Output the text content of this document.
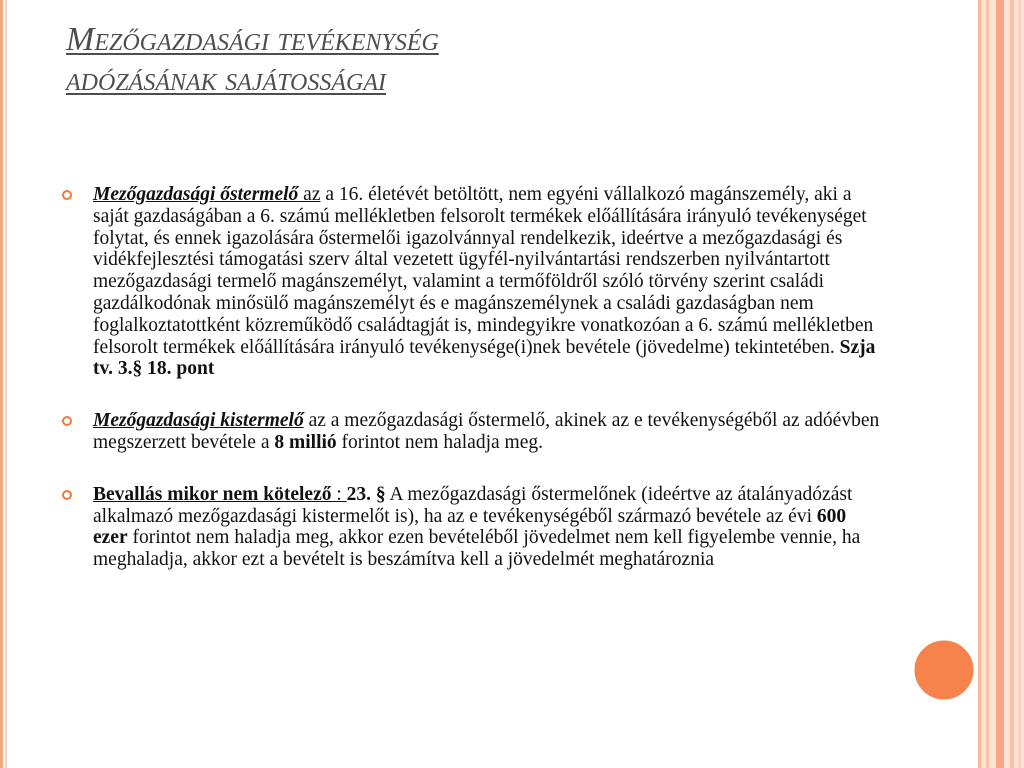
Mezőgazdasági tevékenység
adózásának sajátosságai
Mezőgazdasági őstermelő az a 16. életévét betöltött, nem egyéni vállalkozó magánszemély, aki a saját gazdaságában a 6. számú mellékletben felsorolt termékek előállítására irányuló tevékenységet folytat, és ennek igazolására őstermelői igazolvánnyal rendelkezik, ideértve a mezőgazdasági és vidékfejlesztési támogatási szerv által vezetett ügyfél-nyilvántartási rendszerben nyilvántartott mezőgazdasági termelő magánszemélyt, valamint a termőföldről szóló törvény szerint családi gazdálkodónak minősülő magánszemélyt és e magánszemélynek a családi gazdaságban nem foglalkoztatottként közreműködő családtagját is, mindegyikre vonatkozóan a 6. számú mellékletben felsorolt termékek előállítására irányuló tevékenysége(i)nek bevétele (jövedelme) tekintetében. Szja tv. 3.§ 18. pont
Mezőgazdasági kistermelő az a mezőgazdasági őstermelő, akinek az e tevékenységéből az adóévben megszerzett bevétele a 8 millió forintot nem haladja meg.
Bevallás mikor nem kötelező : 23. § A mezőgazdasági őstermelőnek (ideértve az átalányadózást alkalmazó mezőgazdasági kistermelőt is), ha az e tevékenységéből származó bevétele az évi 600 ezer forintot nem haladja meg, akkor ezen bevételéből jövedelmet nem kell figyelembe vennie, ha meghaladja, akkor ezt a bevételt is beszámítva kell a jövedelmét meghatároznia
